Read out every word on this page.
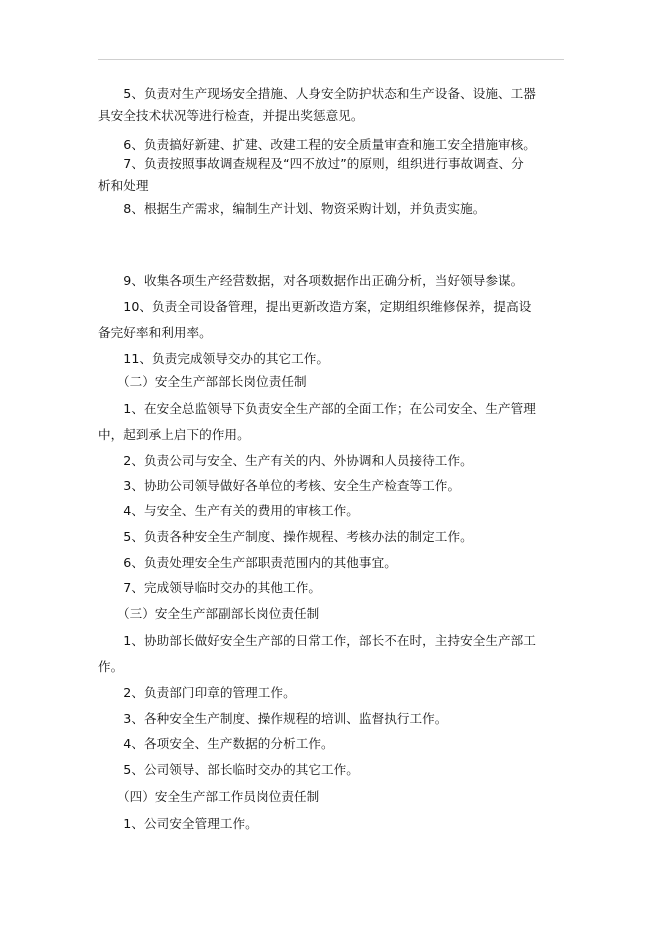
　　5、负责对生产现场安全措施、人身安全防护状态和生产设备、设施、工器
具安全技术状况等进行检查，并提出奖惩意见。
　　6、负责搞好新建、扩建、改建工程的安全质量审查和施工安全措施审核。
　　7、负责按照事故调查规程及“四不放过”的原则，组织进行事故调查、分
析和处理
　　8、根据生产需求，编制生产计划、物资采购计划，并负责实施。
　　9、收集各项生产经营数据，对各项数据作出正确分析，当好领导参谋。
　　10、负责全司设备管理，提出更新改造方案，定期组织维修保养，提高设
备完好率和利用率。
　　11、负责完成领导交办的其它工作。
　　（二）安全生产部部长岗位责任制
　　1、在安全总监领导下负责安全生产部的全面工作；在公司安全、生产管理
中，起到承上启下的作用。
　　2、负责公司与安全、生产有关的内、外协调和人员接待工作。
　　3、协助公司领导做好各单位的考核、安全生产检查等工作。
　　4、与安全、生产有关的费用的审核工作。
　　5、负责各种安全生产制度、操作规程、考核办法的制定工作。
　　6、负责处理安全生产部职责范围内的其他事宜。
　　7、完成领导临时交办的其他工作。
　　（三）安全生产部副部长岗位责任制
　　1、协助部长做好安全生产部的日常工作，部长不在时，主持安全生产部工
作。
　　2、负责部门印章的管理工作。
　　3、各种安全生产制度、操作规程的培训、监督执行工作。
　　4、各项安全、生产数据的分析工作。
　　5、公司领导、部长临时交办的其它工作。
　　（四）安全生产部工作员岗位责任制
　　1、公司安全管理工作。
